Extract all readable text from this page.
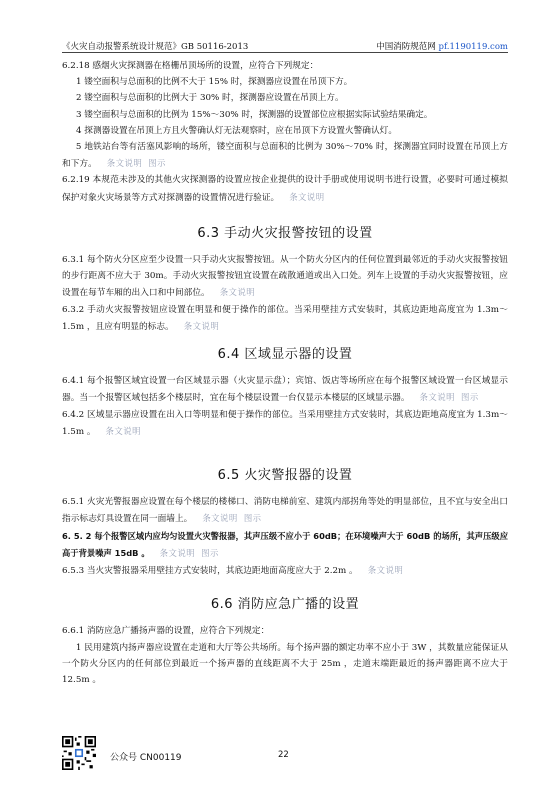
《火灾自动报警系统设计规范》GB 50116-2013	中国消防规范网 pf.1190119.com

6.2.18 感烟火灾探测器在格栅吊顶场所的设置，应符合下列规定：

1 镂空面积与总面积的比例不大于 15% 时，探测器应设置在吊顶下方。

2 镂空面积与总面积的比例大于 30% 时，探测器应设置在吊顶上方。

3 镂空面积与总面积的比例为 15%～30% 时，探测器的设置部位应根据实际试验结果确定。

4 探测器设置在吊顶上方且火警确认灯无法观察时，应在吊顶下方设置火警确认灯。

5 地铁站台等有活塞风影响的场所，镂空面积与总面积的比例为 30%～70% 时，探测器宜同时设置在吊顶上方和下方。 条文说明 图示

6.2.19 本规范未涉及的其他火灾探测器的设置应按企业提供的设计手册或使用说明书进行设置，必要时可通过模拟保护对象火灾场景等方式对探测器的设置情况进行验证。 条文说明

6.3 手动火灾报警按钮的设置

6.3.1 每个防火分区应至少设置一只手动火灾报警按钮。从一个防火分区内的任何位置到最邻近的手动火灾报警按钮的步行距离不应大于 30m。手动火灾报警按钮宜设置在疏散通道或出入口处。列车上设置的手动火灾报警按钮，应设置在每节车厢的出入口和中间部位。 条文说明

6.3.2 手动火灾报警按钮应设置在明显和便于操作的部位。当采用壁挂方式安装时，其底边距地高度宜为 1.3m～1.5m ，且应有明显的标志。 条文说明

6.4 区域显示器的设置

6.4.1 每个报警区域宜设置一台区域显示器（火灾显示盘）；宾馆、饭店等场所应在每个报警区域设置一台区域显示器。当一个报警区域包括多个楼层时，宜在每个楼层设置一台仅显示本楼层的区域显示器。 条文说明 图示

6.4.2 区域显示器应设置在出入口等明显和便于操作的部位。当采用壁挂方式安装时，其底边距地高度宜为 1.3m～1.5m 。 条文说明

6.5 火灾警报器的设置

6.5.1 火灾光警报器应设置在每个楼层的楼梯口、消防电梯前室、建筑内部拐角等处的明显部位，且不宜与安全出口指示标志灯具设置在同一面墙上。 条文说明 图示

6. 5. 2 每个报警区域内应均匀设置火灾警报器，其声压级不应小于 60dB；在环境噪声大于 60dB 的场所，其声压级应高于背景噪声 15dB 。 条文说明 图示

6.5.3 当火灾警报器采用壁挂方式安装时，其底边距地面高度应大于 2.2m 。 条文说明

6.6 消防应急广播的设置

6.6.1 消防应急广播扬声器的设置，应符合下列规定：

1 民用建筑内扬声器应设置在走道和大厅等公共场所。每个扬声器的额定功率不应小于 3W ，其数量应能保证从一个防火分区内的任何部位到最近一个扬声器的直线距离不大于 25m ，走道末端距最近的扬声器距离不应大于 12.5m 。

公众号 CN00119	22
